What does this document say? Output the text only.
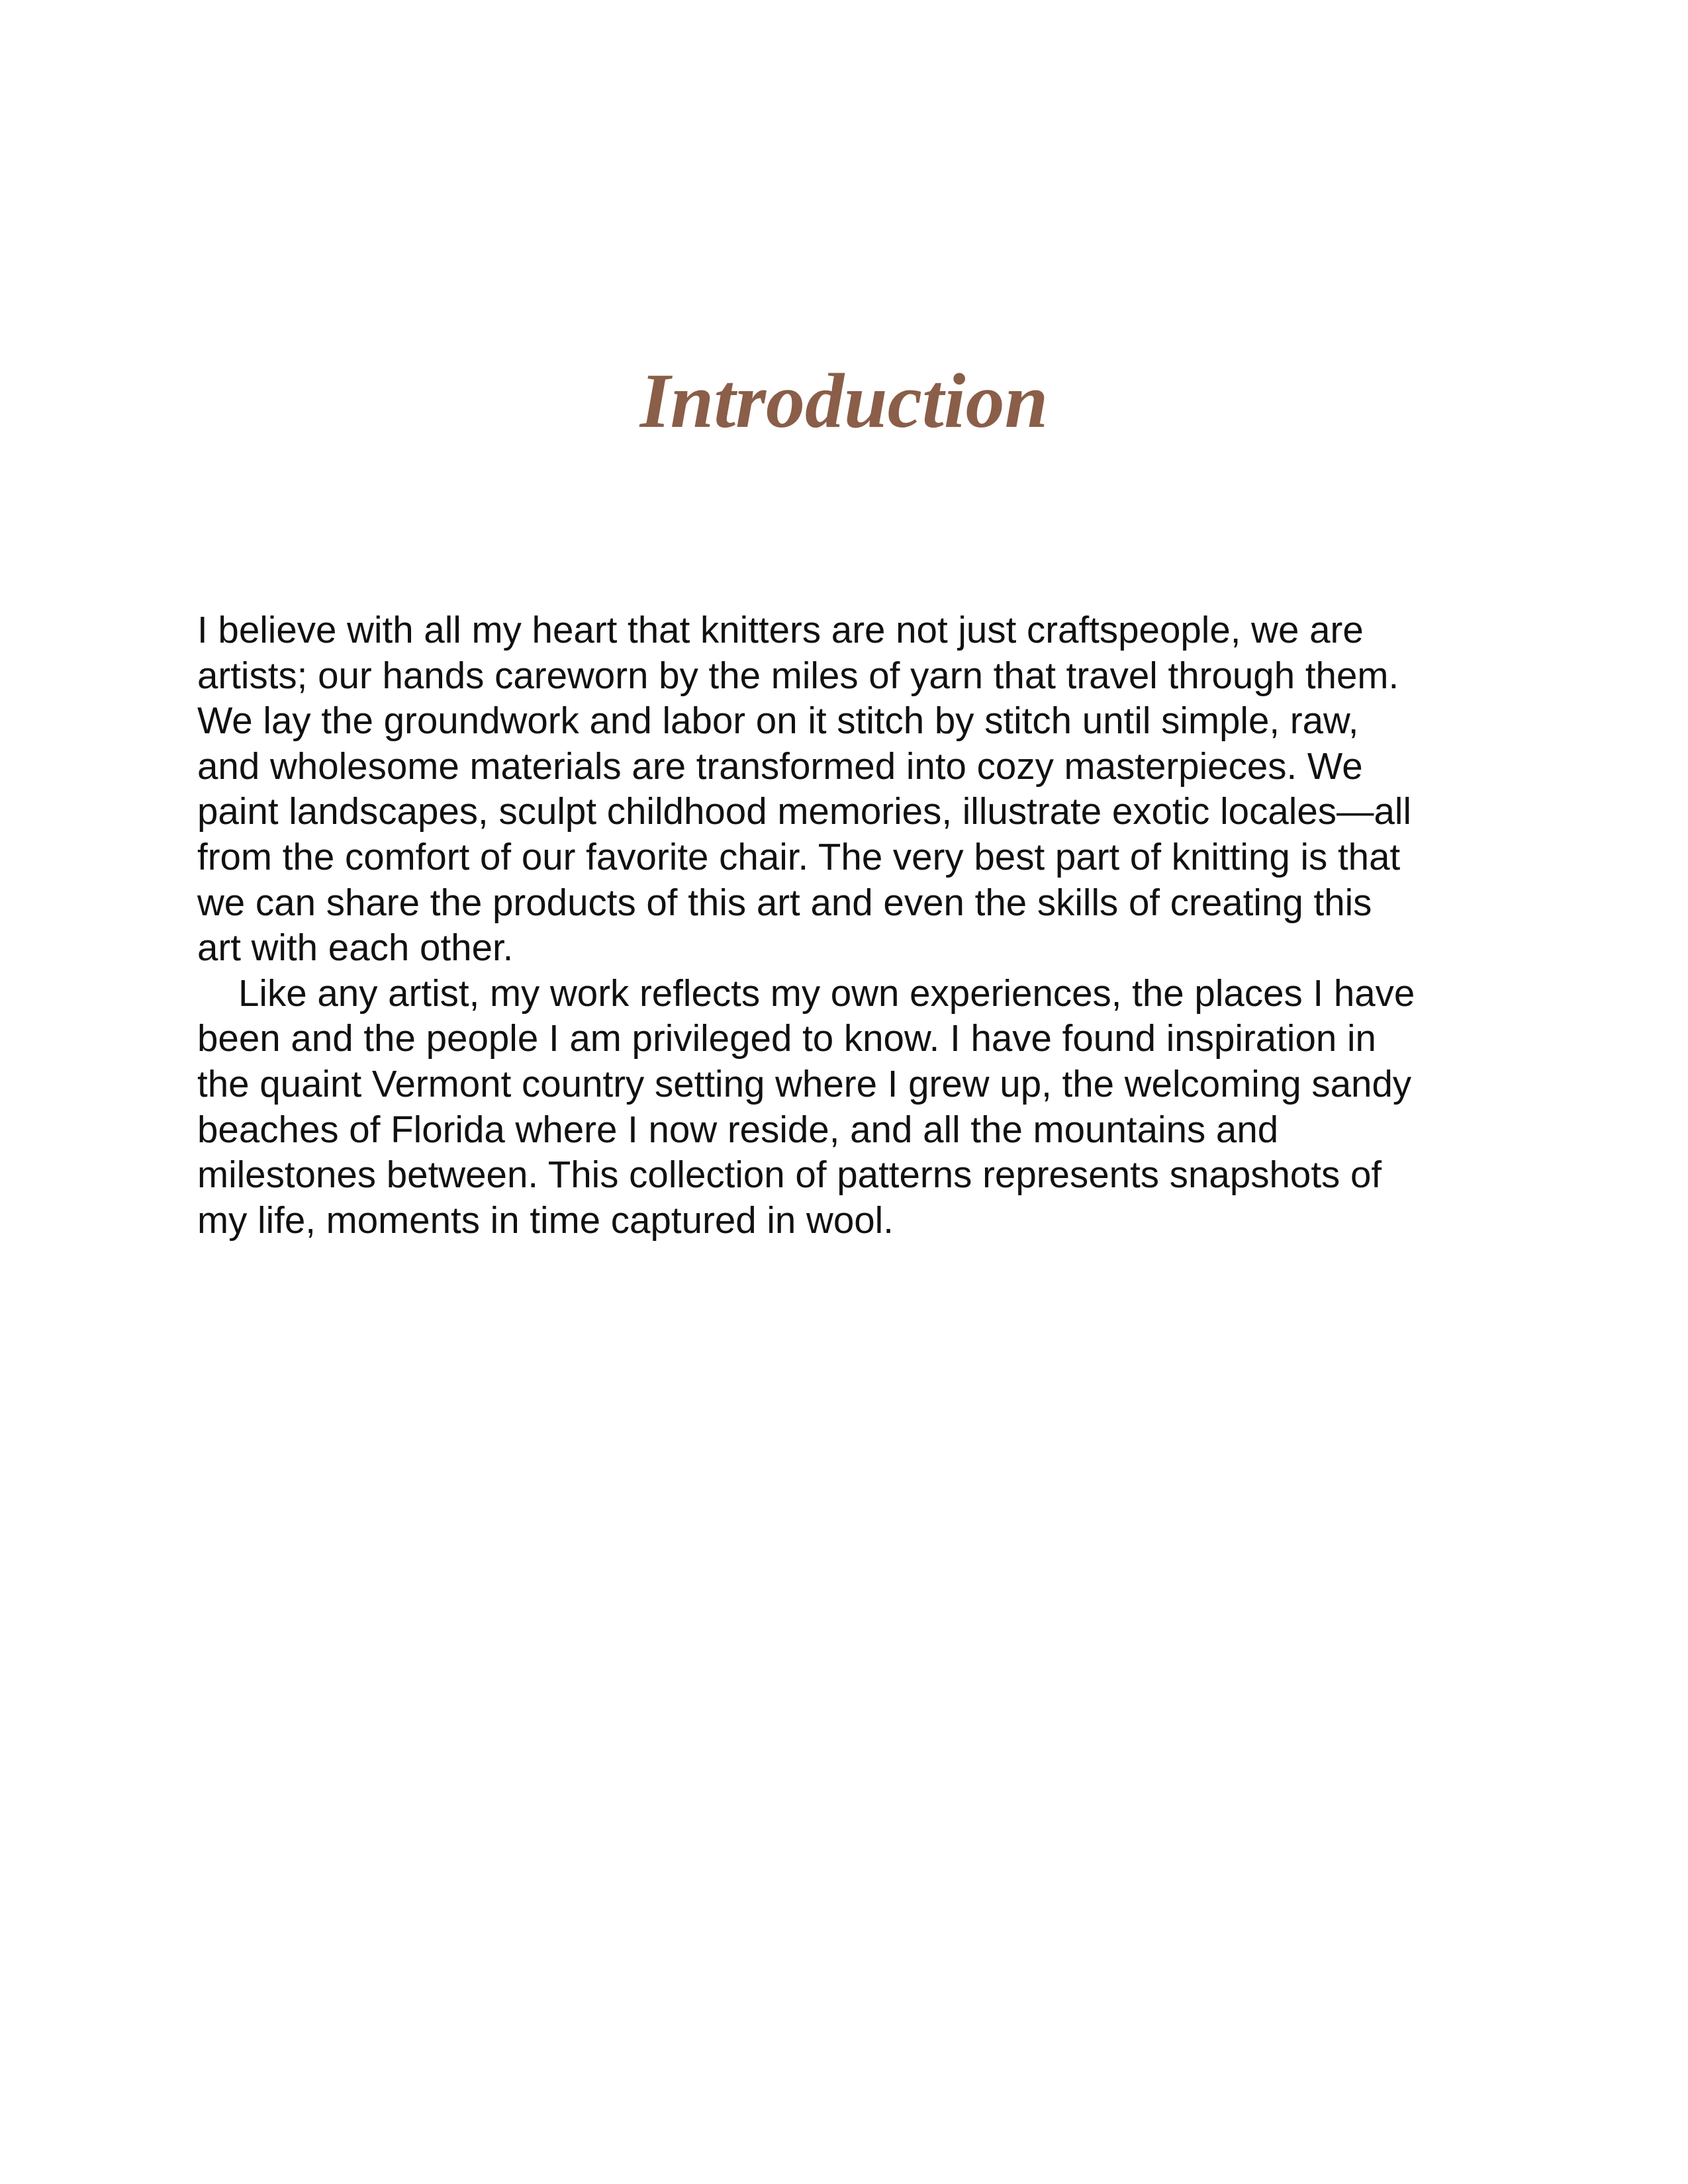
Introduction

I believe with all my heart that knitters are not just craftspeople, we are
artists; our hands careworn by the miles of yarn that travel through them.
We lay the groundwork and labor on it stitch by stitch until simple, raw,
and wholesome materials are transformed into cozy masterpieces. We
paint landscapes, sculpt childhood memories, illustrate exotic locales—all
from the comfort of our favorite chair. The very best part of knitting is that
we can share the products of this art and even the skills of creating this
art with each other.

Like any artist, my work reflects my own experiences, the places I have
been and the people I am privileged to know. I have found inspiration in
the quaint Vermont country setting where I grew up, the welcoming sandy
beaches of Florida where I now reside, and all the mountains and
milestones between. This collection of patterns represents snapshots of
my life, moments in time captured in wool.
